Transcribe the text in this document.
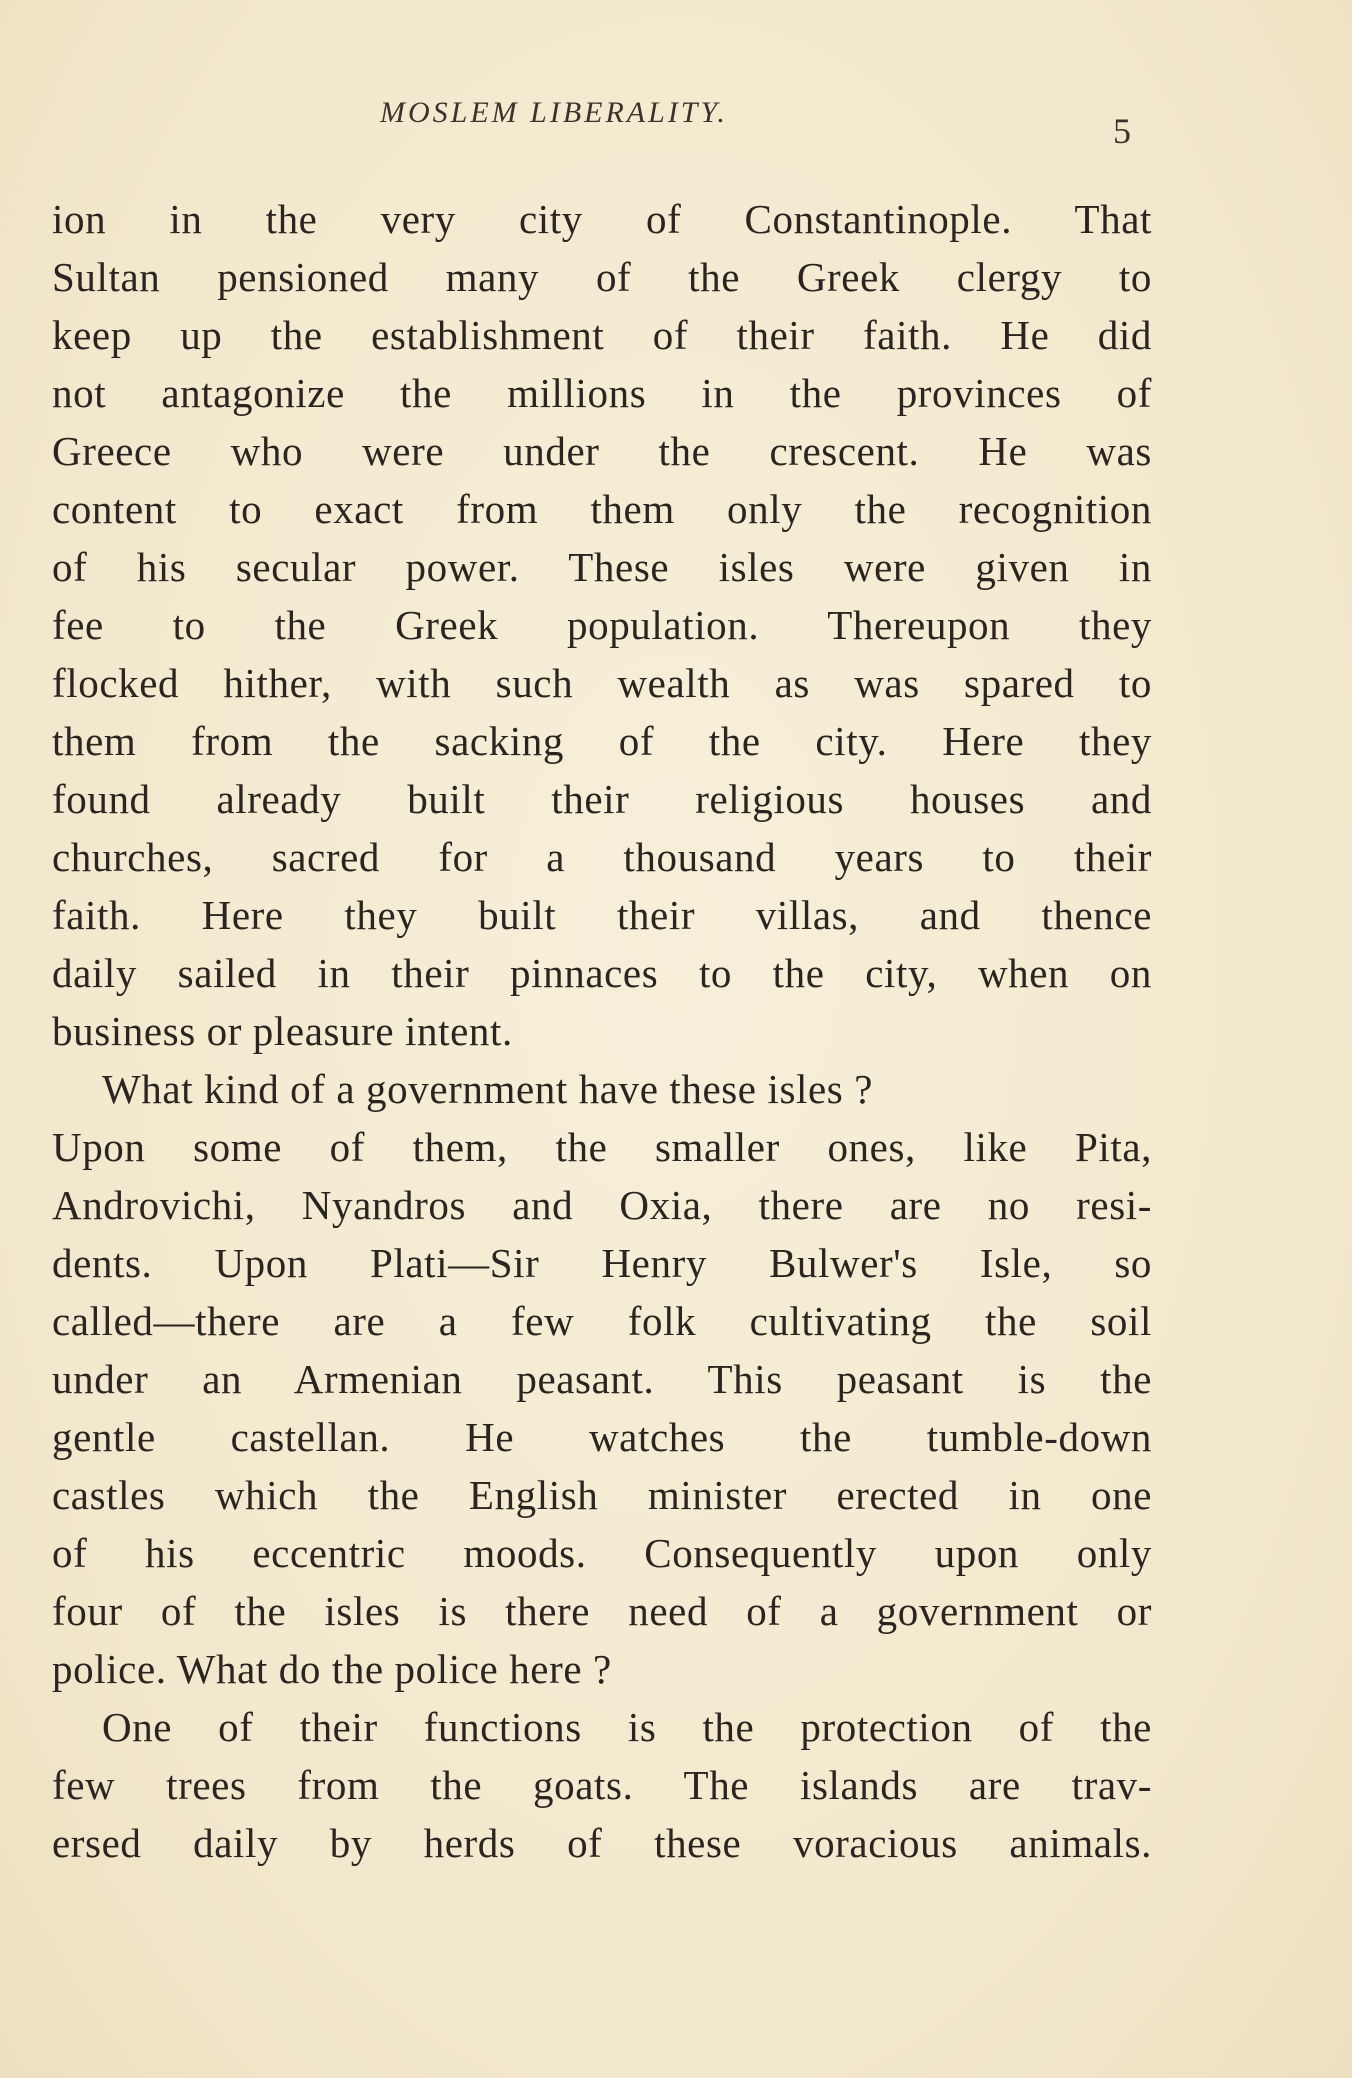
MOSLEM LIBERALITY.	5
ion in the very city of Constantinople. That
Sultan pensioned many of the Greek clergy to
keep up the establishment of their faith. He did
not antagonize the millions in the provinces of
Greece who were under the crescent. He was
content to exact from them only the recognition
of his secular power. These isles were given in
fee to the Greek population. Thereupon they
flocked hither, with such wealth as was spared to
them from the sacking of the city. Here they
found already built their religious houses and
churches, sacred for a thousand years to their
faith. Here they built their villas, and thence
daily sailed in their pinnaces to the city, when on
business or pleasure intent.
What kind of a government have these isles ?
Upon some of them, the smaller ones, like Pita,
Androvichi, Nyandros and Oxia, there are no resi-
dents. Upon Plati—Sir Henry Bulwer's Isle, so
called—there are a few folk cultivating the soil
under an Armenian peasant. This peasant is the
gentle castellan. He watches the tumble-down
castles which the English minister erected in one
of his eccentric moods. Consequently upon only
four of the isles is there need of a government or
police. What do the police here ?
One of their functions is the protection of the
few trees from the goats. The islands are trav-
ersed daily by herds of these voracious animals.
